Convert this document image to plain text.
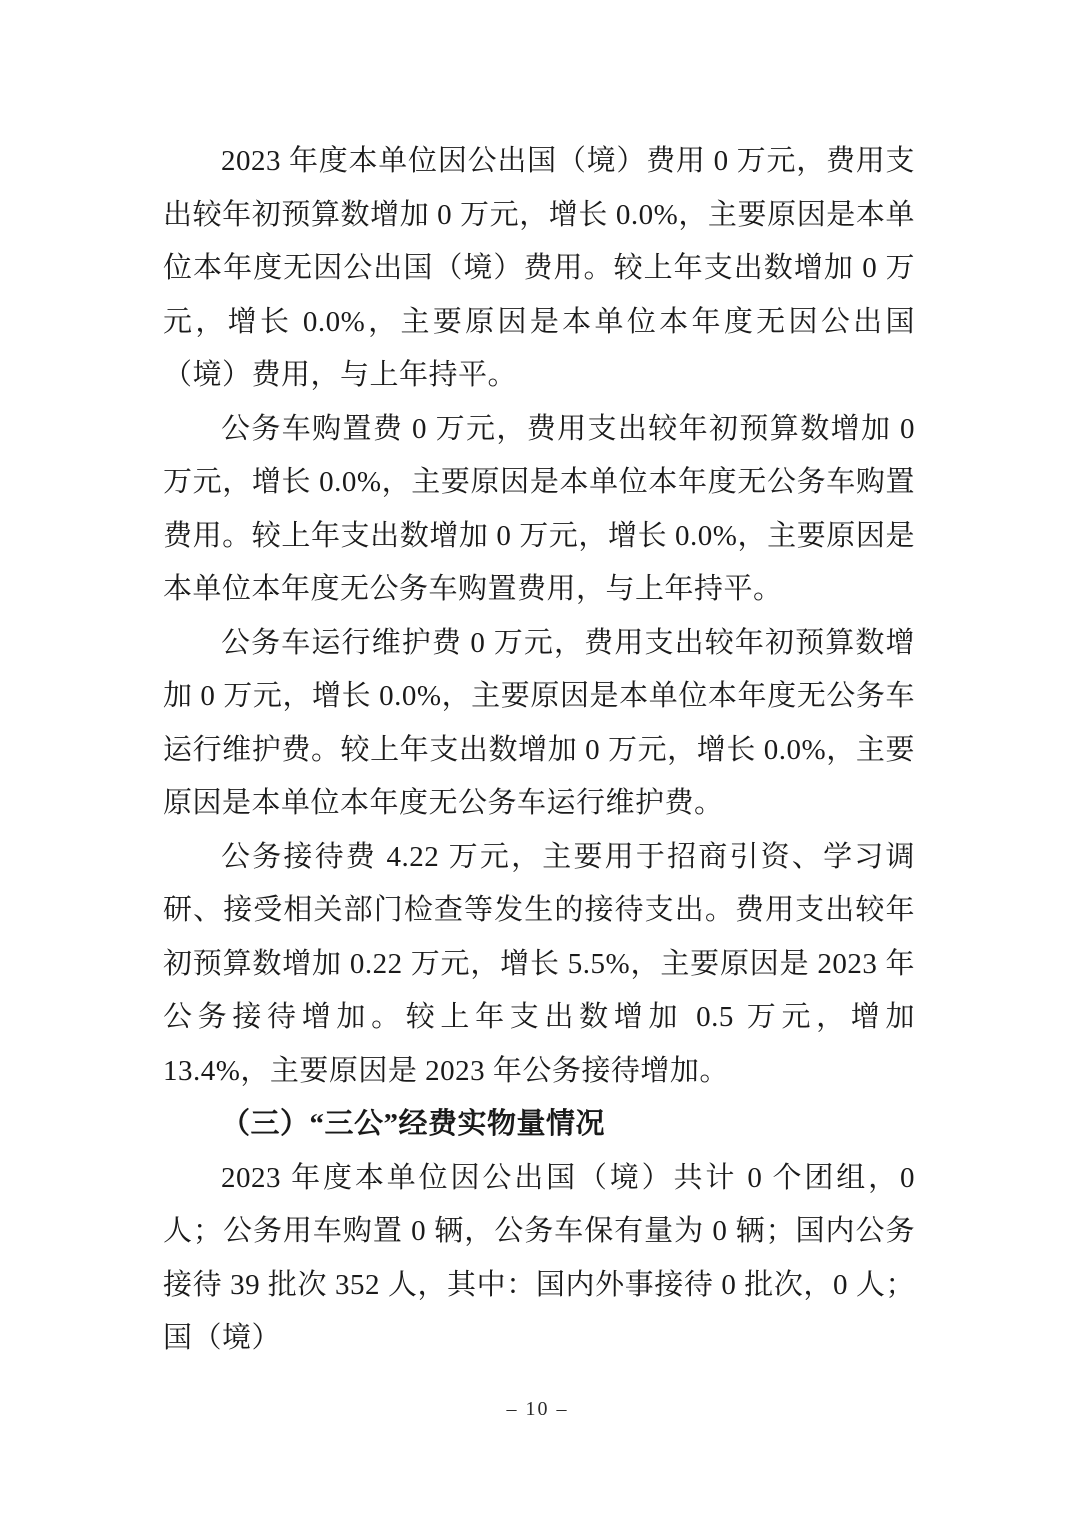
2023 年度本单位因公出国（境）费用 0 万元，费用支出较年初预算数增加 0 万元，增长 0.0%，主要原因是本单位本年度无因公出国（境）费用。较上年支出数增加 0 万元，增长 0.0%，主要原因是本单位本年度无因公出国（境）费用，与上年持平。

公务车购置费 0 万元，费用支出较年初预算数增加 0 万元，增长 0.0%，主要原因是本单位本年度无公务车购置费用。较上年支出数增加 0 万元，增长 0.0%，主要原因是本单位本年度无公务车购置费用，与上年持平。

公务车运行维护费 0 万元，费用支出较年初预算数增加 0 万元，增长 0.0%，主要原因是本单位本年度无公务车运行维护费。较上年支出数增加 0 万元，增长 0.0%，主要原因是本单位本年度无公务车运行维护费。

公务接待费 4.22 万元，主要用于招商引资、学习调研、接受相关部门检查等发生的接待支出。费用支出较年初预算数增加 0.22 万元，增长 5.5%，主要原因是 2023 年公务接待增加。较上年支出数增加 0.5 万元，增加 13.4%，主要原因是 2023 年公务接待增加。

（三）“三公”经费实物量情况

2023 年度本单位因公出国（境）共计 0 个团组，0 人；公务用车购置 0 辆，公务车保有量为 0 辆；国内公务接待 39 批次 352 人，其中：国内外事接待 0 批次，0 人；国（境）

– 10 –
